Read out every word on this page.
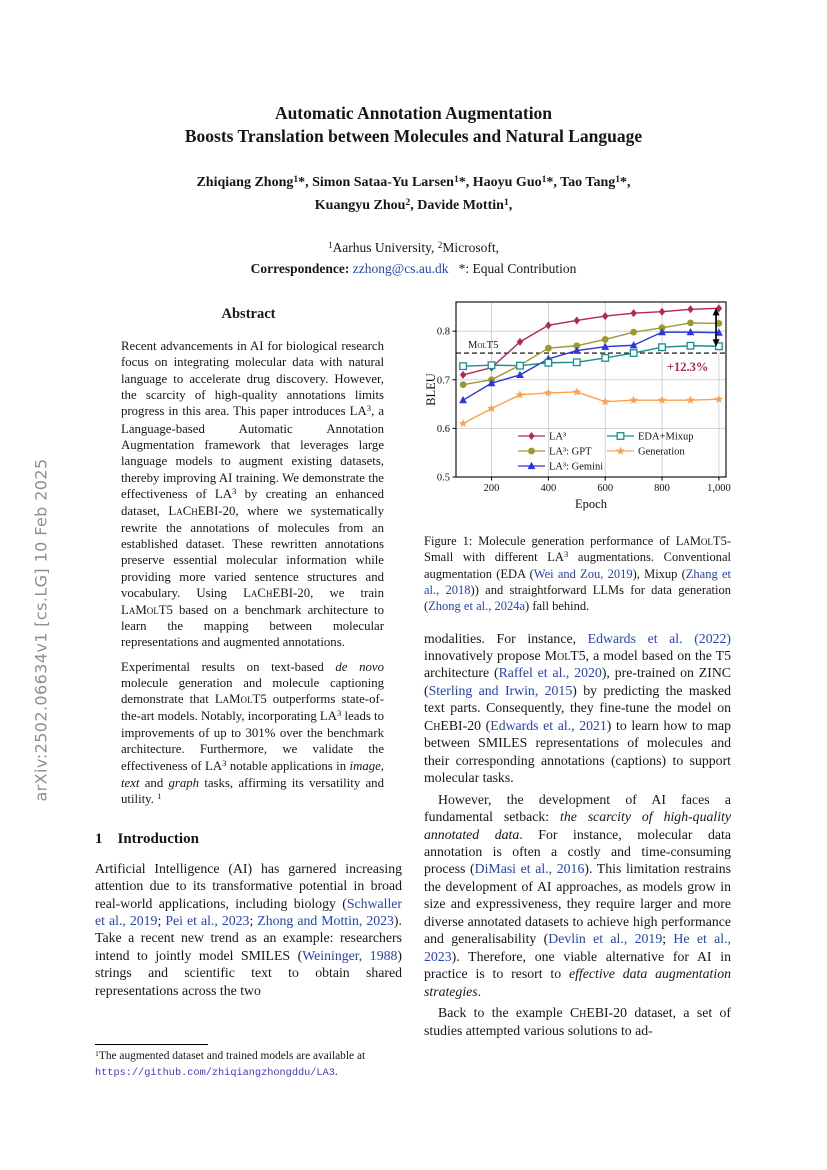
arXiv:2502.06634v1 [cs.LG] 10 Feb 2025
Automatic Annotation Augmentation
Boosts Translation between Molecules and Natural Language
Zhiqiang Zhong$^1$*, Simon Sataa-Yu Larsen$^1$*, Haoyu Guo$^1$*, Tao Tang$^1$*,
Kuangyu Zhou$^2$, Davide Mottin$^1$,
$^1$Aarhus University, $^2$Microsoft,
Correspondence: zzhong@cs.au.dk  *: Equal Contribution
Abstract

Recent advancements in AI for biological research focus on integrating molecular data with natural language to accelerate drug discovery. However, the scarcity of high-quality annotations limits progress in this area. This paper introduces $LA^3$, a Language-based Automatic Annotation Augmentation framework that leverages large language models to augment existing datasets, thereby improving AI training. We demonstrate the effectiveness of $LA^3$ by creating an enhanced dataset, LaChEBI-20, where we systematically rewrite the annotations of molecules from an established dataset. These rewritten annotations preserve essential molecular information while providing more varied sentence structures and vocabulary. Using LaChEBI-20, we train LaMolT5 based on a benchmark architecture to learn the mapping between molecular representations and augmented annotations.

Experimental results on text-based de novo molecule generation and molecule captioning demonstrate that LaMolT5 outperforms state-of-the-art models. Notably, incorporating $LA^3$ leads to improvements of up to 301% over the benchmark architecture. Furthermore, we validate the effectiveness of $LA^3$ notable applications in image, text and graph tasks, affirming its versatility and utility. $^1$

1 Introduction

Artificial Intelligence (AI) has garnered increasing attention due to its transformative potential in broad real-world applications, including biology (Schwaller et al., 2019; Pei et al., 2023; Zhong and Mottin, 2023). Take a recent new trend as an example: researchers intend to jointly model SMILES (Weininger, 1988) strings and scientific text to obtain shared representations across the two

$^1$The augmented dataset and trained models are available at https://github.com/zhiqiangzhongddu/LA3.
200	400	600	800	1,000
0.5
0.6
0.7
0.8
Epoch
BLEU
MolT5
+12.3%
LA³
LA³: GPT
LA³: Gemini
EDA+Mixup
Generation
Figure 1: Molecule generation performance of LaMolT5-Small with different $LA^3$ augmentations. Conventional augmentation (EDA (Wei and Zou, 2019), Mixup (Zhang et al., 2018)) and straightforward LLMs for data generation (Zhong et al., 2024a) fall behind.

modalities. For instance, Edwards et al. (2022) innovatively propose MolT5, a model based on the T5 architecture (Raffel et al., 2020), pre-trained on ZINC (Sterling and Irwin, 2015) by predicting the masked text parts. Consequently, they fine-tune the model on ChEBI-20 (Edwards et al., 2021) to learn how to map between SMILES representations of molecules and their corresponding annotations (captions) to support molecular tasks.

However, the development of AI faces a fundamental setback: the scarcity of high-quality annotated data. For instance, molecular data annotation is often a costly and time-consuming process (DiMasi et al., 2016). This limitation restrains the development of AI approaches, as models grow in size and expressiveness, they require larger and more diverse annotated datasets to achieve high performance and generalisability (Devlin et al., 2019; He et al., 2023). Therefore, one viable alternative for AI in practice is to resort to effective data augmentation strategies.

Back to the example ChEBI-20 dataset, a set of studies attempted various solutions to ad-
